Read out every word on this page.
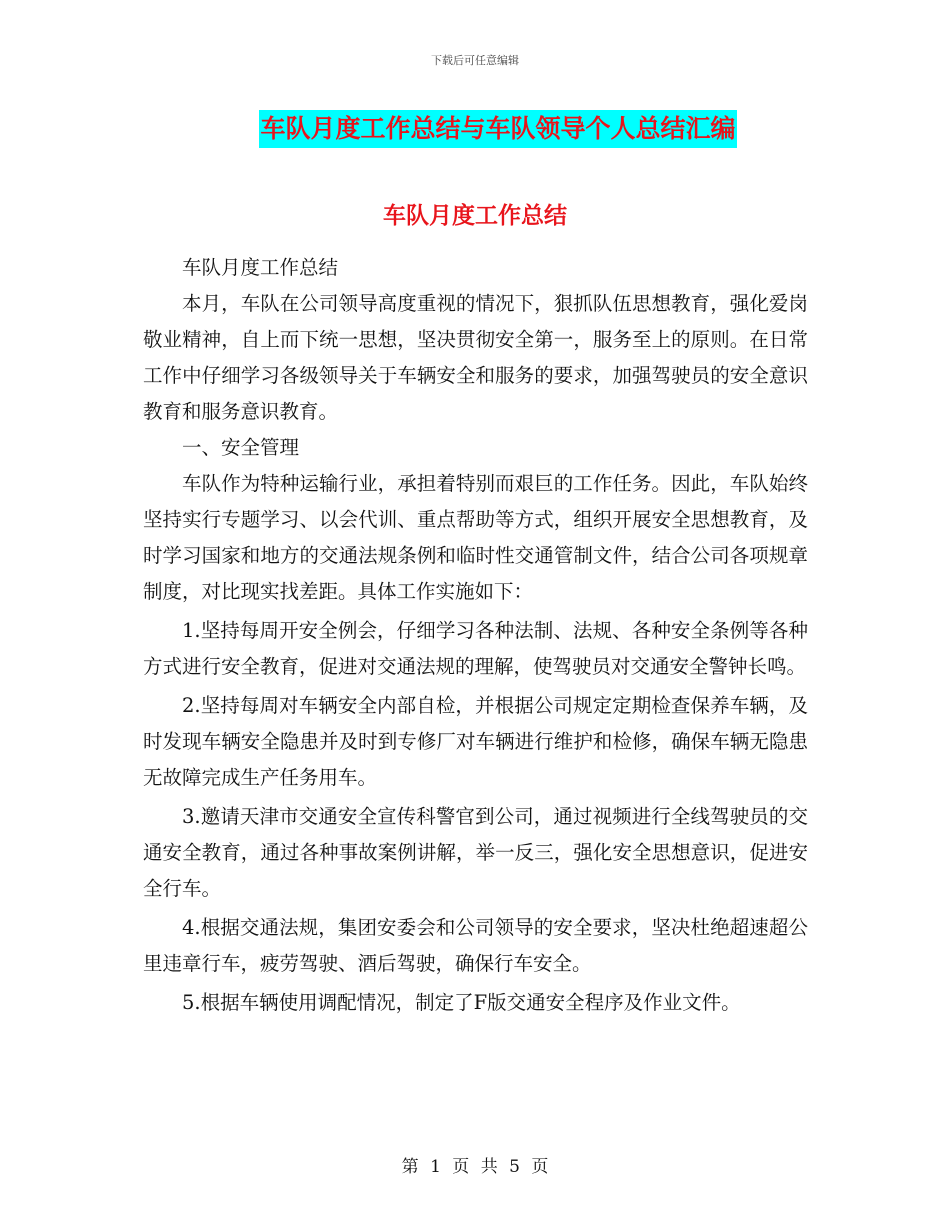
下载后可任意编辑
车队月度工作总结与车队领导个人总结汇编
车队月度工作总结

车队月度工作总结

本月，车队在公司领导高度重视的情况下，狠抓队伍思想教育，强化爱岗敬业精神，自上而下统一思想，坚决贯彻安全第一，服务至上的原则。在日常工作中仔细学习各级领导关于车辆安全和服务的要求，加强驾驶员的安全意识教育和服务意识教育。

一、安全管理

车队作为特种运输行业，承担着特别而艰巨的工作任务。因此，车队始终坚持实行专题学习、以会代训、重点帮助等方式，组织开展安全思想教育，及时学习国家和地方的交通法规条例和临时性交通管制文件，结合公司各项规章制度，对比现实找差距。具体工作实施如下：

1.坚持每周开安全例会，仔细学习各种法制、法规、各种安全条例等各种方式进行安全教育，促进对交通法规的理解，使驾驶员对交通安全警钟长鸣。

2.坚持每周对车辆安全内部自检，并根据公司规定定期检查保养车辆，及时发现车辆安全隐患并及时到专修厂对车辆进行维护和检修，确保车辆无隐患无故障完成生产任务用车。

3.邀请天津市交通安全宣传科警官到公司，通过视频进行全线驾驶员的交通安全教育，通过各种事故案例讲解，举一反三，强化安全思想意识，促进安全行车。

4.根据交通法规，集团安委会和公司领导的安全要求，坚决杜绝超速超公里违章行车，疲劳驾驶、酒后驾驶，确保行车安全。

5.根据车辆使用调配情况，制定了F版交通安全程序及作业文件。

第 1 页 共 5 页
